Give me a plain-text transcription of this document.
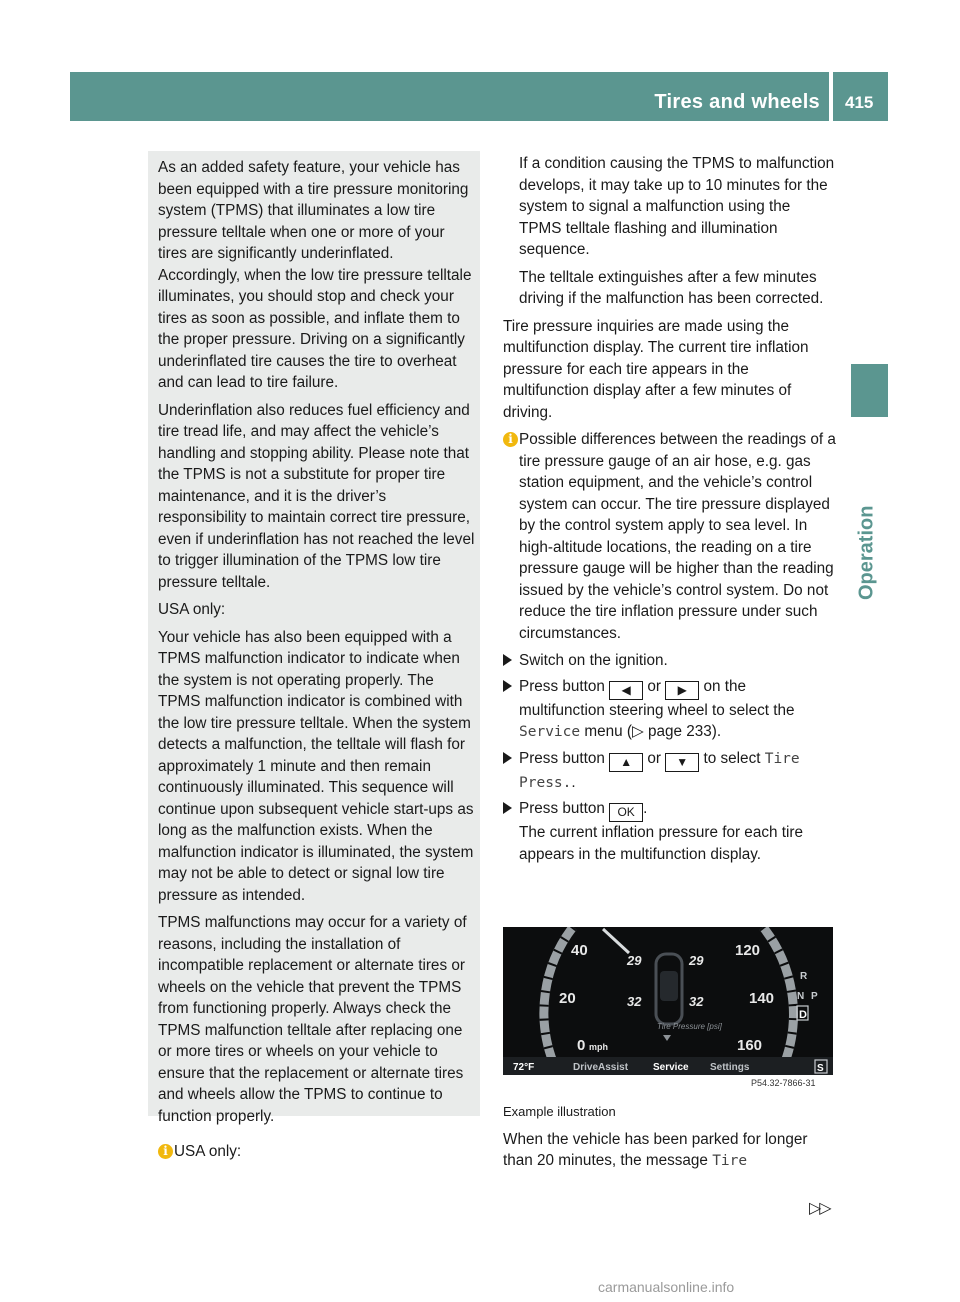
Tires and wheels 415
Operation

As an added safety feature, your vehicle has been equipped with a tire pressure monitoring system (TPMS) that illuminates a low tire pressure telltale when one or more of your tires are significantly underinflated. Accordingly, when the low tire pressure telltale illuminates, you should stop and check your tires as soon as possible, and inflate them to the proper pressure. Driving on a significantly underinflated tire causes the tire to overheat and can lead to tire failure.

Underinflation also reduces fuel efficiency and tire tread life, and may affect the vehicle’s handling and stopping ability. Please note that the TPMS is not a substitute for proper tire maintenance, and it is the driver’s responsibility to maintain correct tire pressure, even if underinflation has not reached the level to trigger illumination of the TPMS low tire pressure telltale.

USA only:

Your vehicle has also been equipped with a TPMS malfunction indicator to indicate when the system is not operating properly. The TPMS malfunction indicator is combined with the low tire pressure telltale. When the system detects a malfunction, the telltale will flash for approximately 1 minute and then remain continuously illuminated. This sequence will continue upon subsequent vehicle start-ups as long as the malfunction exists. When the malfunction indicator is illuminated, the system may not be able to detect or signal low tire pressure as intended.

TPMS malfunctions may occur for a variety of reasons, including the installation of incompatible replacement or alternate tires or wheels on the vehicle that prevent the TPMS from functioning properly. Always check the TPMS malfunction telltale after replacing one or more tires or wheels on your vehicle to ensure that the replacement or alternate tires and wheels allow the TPMS to continue to function properly.

i USA only:

If a condition causing the TPMS to malfunction develops, it may take up to 10 minutes for the system to signal a malfunction using the TPMS telltale flashing and illumination sequence.

The telltale extinguishes after a few minutes driving if the malfunction has been corrected.

Tire pressure inquiries are made using the multifunction display. The current tire inflation pressure for each tire appears in the multifunction display after a few minutes of driving.

i Possible differences between the readings of a tire pressure gauge of an air hose, e.g. gas station equipment, and the vehicle’s control system can occur. The tire pressure displayed by the control system apply to sea level. In high-altitude locations, the reading on a tire pressure gauge will be higher than the reading issued by the vehicle’s control system. Do not reduce the tire inflation pressure under such circumstances.

Switch on the ignition.
Press button ◀ or ▶ on the multifunction steering wheel to select the Service menu (▷ page 233).
Press button ▲ or ▼ to select Tire Press..
Press button OK .
The current inflation pressure for each tire appears in the multifunction display.
40
20
0 mph
120
140
160
29	29
32	32
Tire Pressure [psi]
R
N P
D
72°F	DriveAssist Service Settings	S
P54.32-7866-31

Example illustration

When the vehicle has been parked for longer than 20 minutes, the message Tire

▷▷
carmanualsonline.info
